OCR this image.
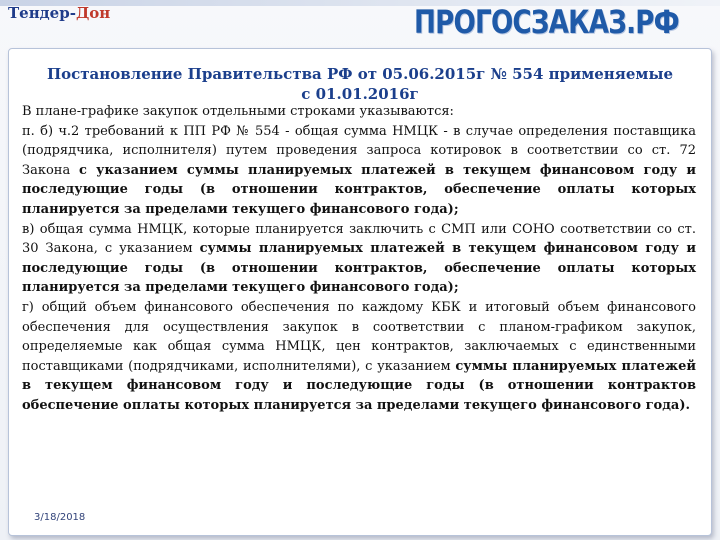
Тендер-Дон	ПРОГОСЗАКАЗ.РФ
Постановление Правительства РФ от 05.06.2015г № 554 применяемые с 01.01.2016г

В плане-графике закупок отдельными строками указываются:

п. б) ч.2 требований к ПП РФ № 554 - общая сумма НМЦК - в случае определения поставщика (подрядчика, исполнителя) путем проведения запроса котировок в соответствии со ст. 72 Закона с указанием суммы планируемых платежей в текущем финансовом году и последующие годы (в отношении контрактов, обеспечение оплаты которых планируется за пределами текущего финансового года);

в) общая сумма НМЦК, которые планируется заключить с СМП или СОНО соответствии со ст. 30 Закона, с указанием суммы планируемых платежей в текущем финансовом году и последующие годы (в отношении контрактов, обеспечение оплаты которых планируется за пределами текущего финансового года);

г) общий объем финансового обеспечения по каждому КБК и итоговый объем финансового обеспечения для осуществления закупок в соответствии с планом-графиком закупок, определяемые как общая сумма НМЦК, цен контрактов, заключаемых с единственными поставщиками (подрядчиками, исполнителями), с указанием суммы планируемых платежей в текущем финансовом году и последующие годы (в отношении контрактов обеспечение оплаты которых планируется за пределами текущего финансового года).

3/18/2018
